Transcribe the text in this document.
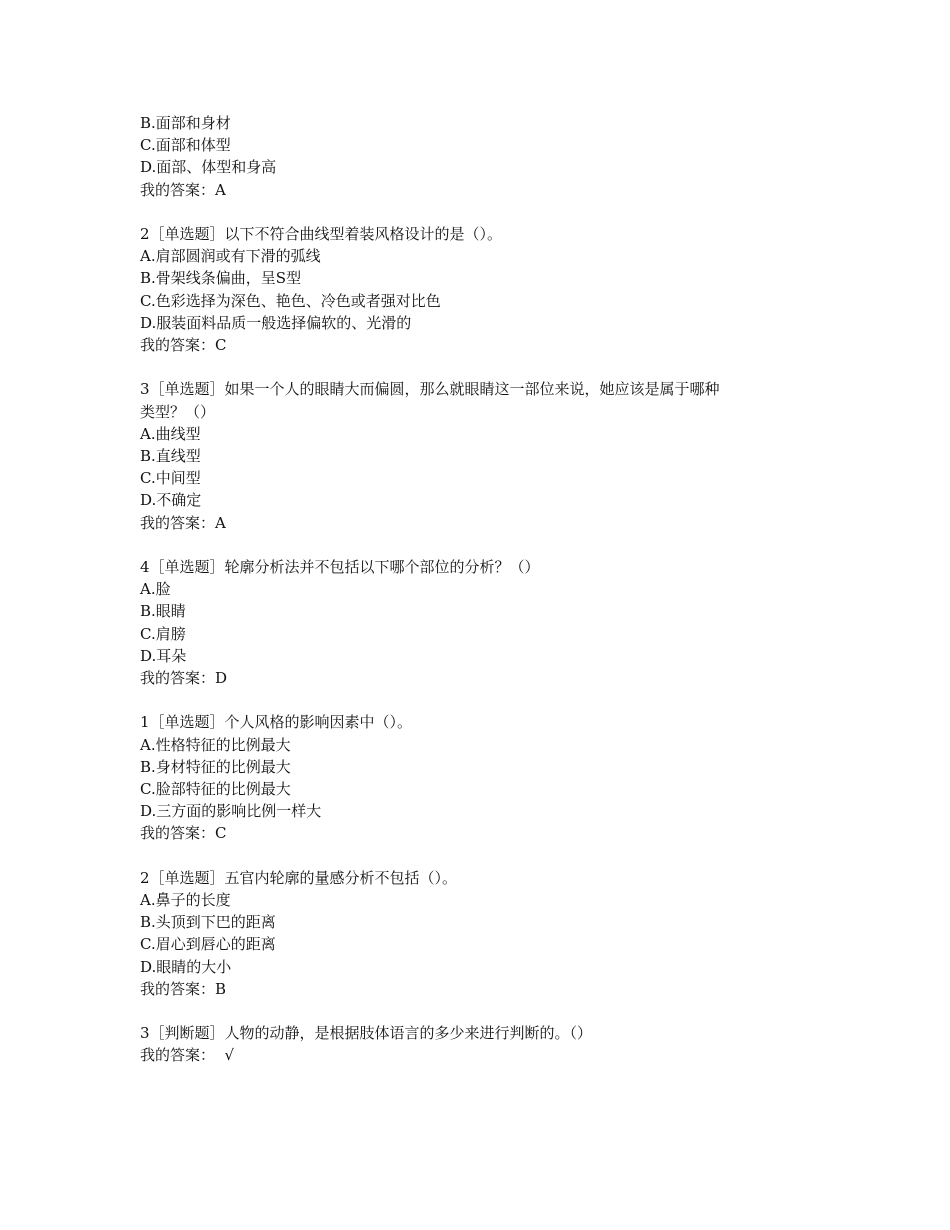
B.面部和身材
C.面部和体型
D.面部、体型和身高
我的答案：A
2［单选题］以下不符合曲线型着装风格设计的是（）。
A.肩部圆润或有下滑的弧线
B.骨架线条偏曲，呈S型
C.色彩选择为深色、艳色、冷色或者强对比色
D.服装面料品质一般选择偏软的、光滑的
我的答案：C
3［单选题］如果一个人的眼睛大而偏圆，那么就眼睛这一部位来说，她应该是属于哪种
类型？（）
A.曲线型
B.直线型
C.中间型
D.不确定
我的答案：A
4［单选题］轮廓分析法并不包括以下哪个部位的分析？（）
A.脸
B.眼睛
C.肩膀
D.耳朵
我的答案：D
1［单选题］个人风格的影响因素中（）。
A.性格特征的比例最大
B.身材特征的比例最大
C.脸部特征的比例最大
D.三方面的影响比例一样大
我的答案：C
2［单选题］五官内轮廓的量感分析不包括（）。
A.鼻子的长度
B.头顶到下巴的距离
C.眉心到唇心的距离
D.眼睛的大小
我的答案：B
3［判断题］人物的动静，是根据肢体语言的多少来进行判断的。（）
我的答案：  √
